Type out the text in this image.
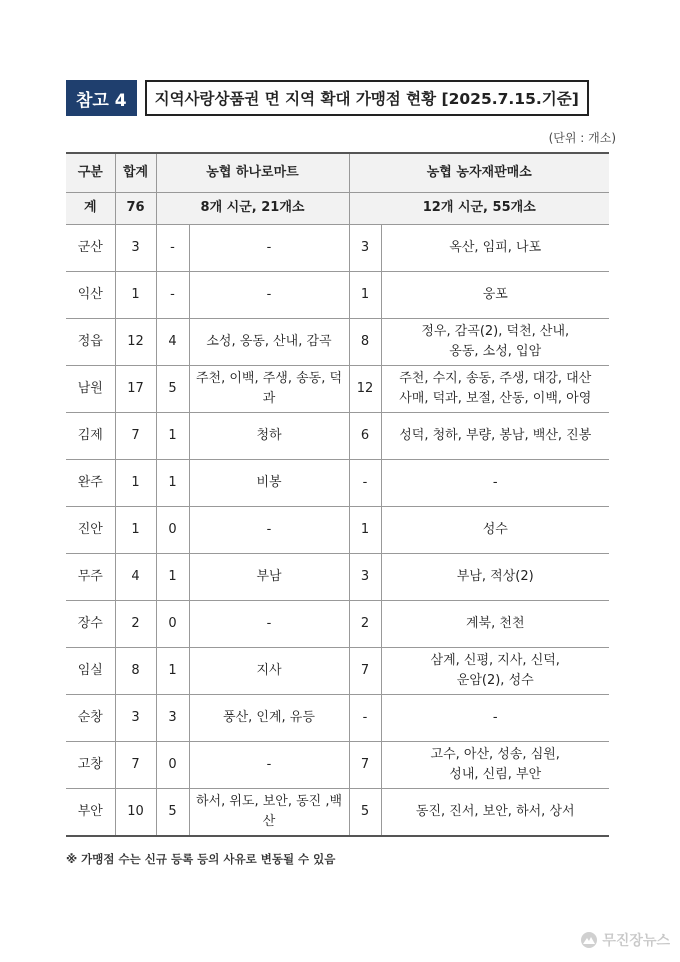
참고 4	지역사랑상품권 면 지역 확대 가맹점 현황 [2025.7.15.기준]
(단위 : 개소)
구분	합계	농협 하나로마트		농협 농자재판매소	
계	76	8개 시군, 21개소		12개 시군, 55개소	
군산	3	-	-	3	옥산, 임피, 나포
익산	1	-	-	1	웅포
정읍	12	4	소성, 옹동, 산내, 감곡	8	정우, 감곡(2), 덕천, 산내,
옹동, 소성, 입암
남원	17	5	주천, 이백, 주생, 송동, 덕과	12	주천, 수지, 송동, 주생, 대강, 대산
사매, 덕과, 보절, 산동, 이백, 아영
김제	7	1	청하	6	성덕, 청하, 부량, 봉남, 백산, 진봉
완주	1	1	비봉	-	-
진안	1	0	-	1	성수
무주	4	1	부남	3	부남, 적상(2)
장수	2	0	-	2	계북, 천천
임실	8	1	지사	7	삼계, 신평, 지사, 신덕,
운암(2), 성수
순창	3	3	풍산, 인계, 유등	-	-
고창	7	0	-	7	고수, 아산, 성송, 심원,
성내, 신림, 부안
부안	10	5	하서, 위도, 보안, 동진 ,백산	5	동진, 진서, 보안, 하서, 상서
※ 가맹점 수는 신규 등록 등의 사유로 변동될 수 있음
무진장뉴스
